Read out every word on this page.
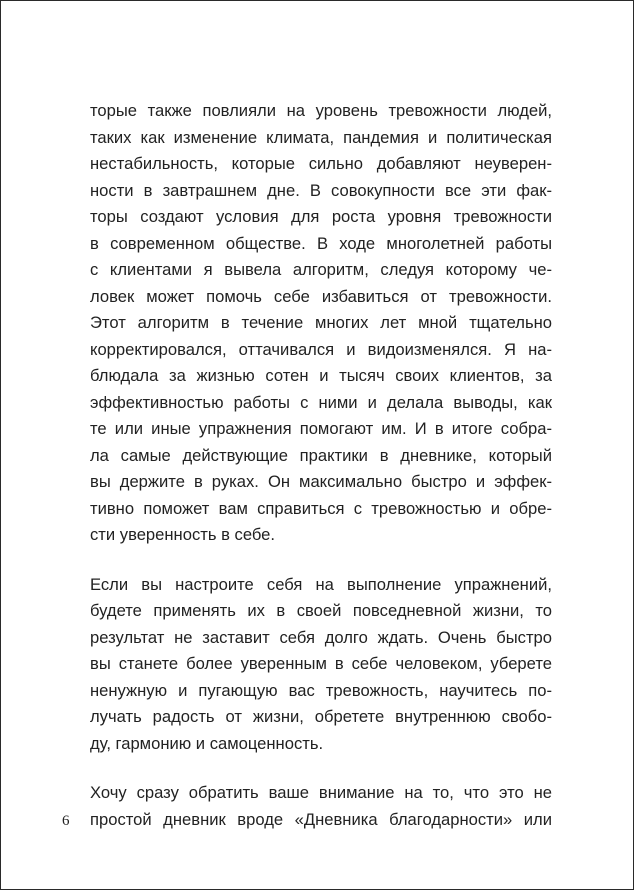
торые также повлияли на уровень тревожности людей,
таких как изменение климата, пандемия и политическая
нестабильность, которые сильно добавляют неуверен-
ности в завтрашнем дне. В совокупности все эти фак-
торы создают условия для роста уровня тревожности
в современном обществе. В ходе многолетней работы
с клиентами я вывела алгоритм, следуя которому че-
ловек может помочь себе избавиться от тревожности.
Этот алгоритм в течение многих лет мной тщательно
корректировался, оттачивался и видоизменялся. Я на-
блюдала за жизнью сотен и тысяч своих клиентов, за
эффективностью работы с ними и делала выводы, как
те или иные упражнения помогают им. И в итоге собра-
ла самые действующие практики в дневнике, который
вы держите в руках. Он максимально быстро и эффек-
тивно поможет вам справиться с тревожностью и обре-
сти уверенность в себе.

Если вы настроите себя на выполнение упражнений,
будете применять их в своей повседневной жизни, то
результат не заставит себя долго ждать. Очень быстро
вы станете более уверенным в себе человеком, уберете
ненужную и пугающую вас тревожность, научитесь по-
лучать радость от жизни, обретете внутреннюю свобо-
ду, гармонию и самоценность.

Хочу сразу обратить ваше внимание на то, что это не
простой дневник вроде «Дневника благодарности» или

6
